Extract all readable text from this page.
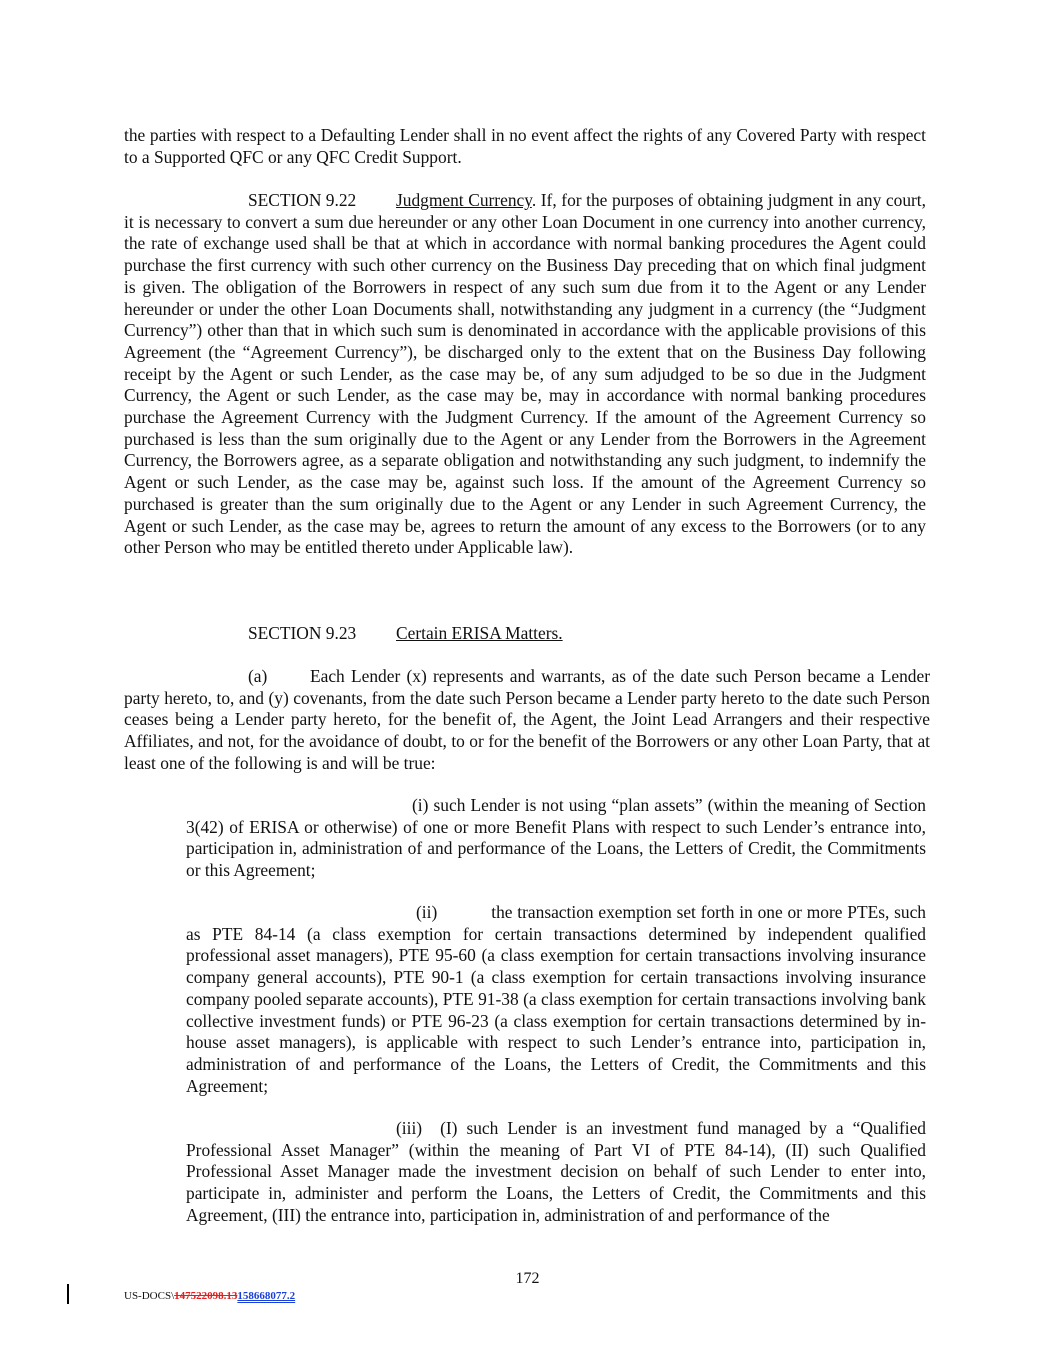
the parties with respect to a Defaulting Lender shall in no event affect the rights of any Covered Party with respect to a Supported QFC or any QFC Credit Support.

SECTION 9.22 Judgment Currency. If, for the purposes of obtaining judgment in any court, it is necessary to convert a sum due hereunder or any other Loan Document in one currency into another currency, the rate of exchange used shall be that at which in accordance with normal banking procedures the Agent could purchase the first currency with such other currency on the Business Day preceding that on which final judgment is given. The obligation of the Borrowers in respect of any such sum due from it to the Agent or any Lender hereunder or under the other Loan Documents shall, notwithstanding any judgment in a currency (the “Judgment Currency”) other than that in which such sum is denominated in accordance with the applicable provisions of this Agreement (the “Agreement Currency”), be discharged only to the extent that on the Business Day following receipt by the Agent or such Lender, as the case may be, of any sum adjudged to be so due in the Judgment Currency, the Agent or such Lender, as the case may be, may in accordance with normal banking procedures purchase the Agreement Currency with the Judgment Currency. If the amount of the Agreement Currency so purchased is less than the sum originally due to the Agent or any Lender from the Borrowers in the Agreement Currency, the Borrowers agree, as a separate obligation and notwithstanding any such judgment, to indemnify the Agent or such Lender, as the case may be, against such loss. If the amount of the Agreement Currency so purchased is greater than the sum originally due to the Agent or any Lender in such Agreement Currency, the Agent or such Lender, as the case may be, agrees to return the amount of any excess to the Borrowers (or to any other Person who may be entitled thereto under Applicable law).

SECTION 9.23 Certain ERISA Matters.

(a) Each Lender (x) represents and warrants, as of the date such Person became a Lender party hereto, to, and (y) covenants, from the date such Person became a Lender party hereto to the date such Person ceases being a Lender party hereto, for the benefit of, the Agent, the Joint Lead Arrangers and their respective Affiliates, and not, for the avoidance of doubt, to or for the benefit of the Borrowers or any other Loan Party, that at least one of the following is and will be true:

(i) such Lender is not using “plan assets” (within the meaning of Section 3(42) of ERISA or otherwise) of one or more Benefit Plans with respect to such Lender’s entrance into, participation in, administration of and performance of the Loans, the Letters of Credit, the Commitments or this Agreement;

(ii)	the transaction exemption set forth in one or more PTEs, such as PTE 84-14 (a class exemption for certain transactions determined by independent qualified professional asset managers), PTE 95-60 (a class exemption for certain transactions involving insurance company general accounts), PTE 90-1 (a class exemption for certain transactions involving insurance company pooled separate accounts), PTE 91-38 (a class exemption for certain transactions involving bank collective investment funds) or PTE 96-23 (a class exemption for certain transactions determined by in-house asset managers), is applicable with respect to such Lender’s entrance into, participation in, administration of and performance of the Loans, the Letters of Credit, the Commitments and this Agreement;

(iii) (I) such Lender is an investment fund managed by a “Qualified Professional Asset Manager” (within the meaning of Part VI of PTE 84-14), (II) such Qualified Professional Asset Manager made the investment decision on behalf of such Lender to enter into, participate in, administer and perform the Loans, the Letters of Credit, the Commitments and this Agreement, (III) the entrance into, participation in, administration of and performance of the

172
US-DOCS\147522098.13158668077.2
